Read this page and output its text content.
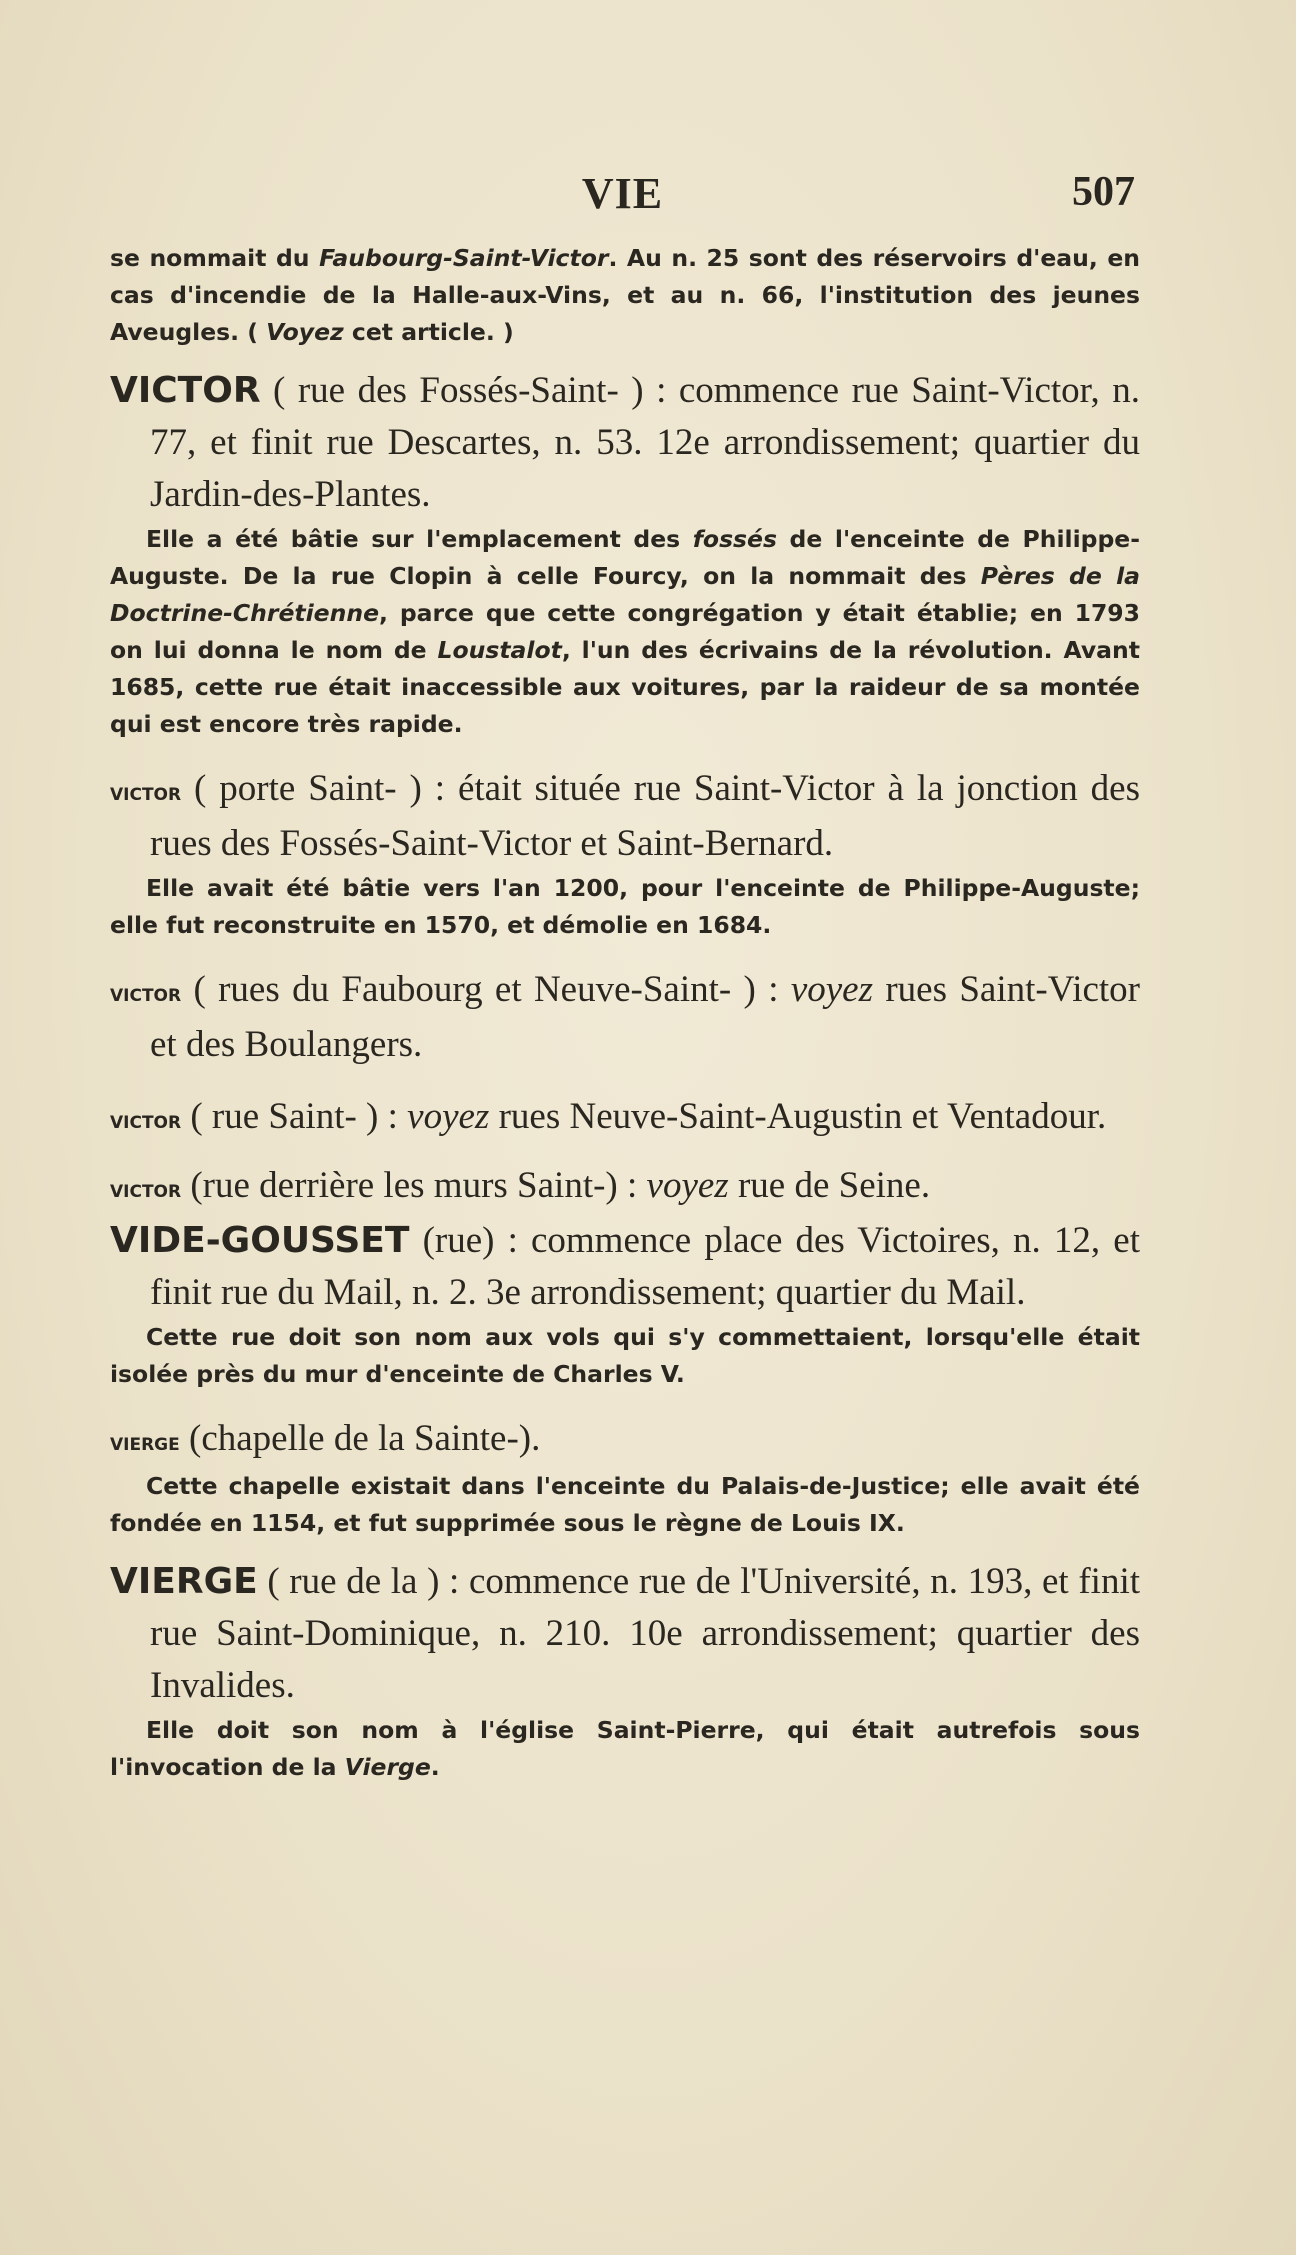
VIE	507

se nommait du Faubourg-Saint-Victor. Au n. 25 sont des réservoirs d'eau, en cas d'incendie de la Halle-aux-Vins, et au n. 66, l'institution des jeunes Aveugles. ( Voyez cet article. )

VICTOR ( rue des Fossés-Saint- ) : commence rue Saint-Victor, n. 77, et finit rue Descartes, n. 53. 12e arrondissement; quartier du Jardin-des-Plantes.

Elle a été bâtie sur l'emplacement des fossés de l'enceinte de Philippe-Auguste. De la rue Clopin à celle Fourcy, on la nommait des Pères de la Doctrine-Chrétienne, parce que cette congrégation y était établie; en 1793 on lui donna le nom de Loustalot, l'un des écrivains de la révolution. Avant 1685, cette rue était inaccessible aux voitures, par la raideur de sa montée qui est encore très rapide.

victor ( porte Saint- ) : était située rue Saint-Victor à la jonction des rues des Fossés-Saint-Victor et Saint-Bernard.

Elle avait été bâtie vers l'an 1200, pour l'enceinte de Philippe-Auguste; elle fut reconstruite en 1570, et démolie en 1684.

victor ( rues du Faubourg et Neuve-Saint- ) : voyez rues Saint-Victor et des Boulangers.

victor ( rue Saint- ) : voyez rues Neuve-Saint-Augustin et Ventadour.

victor (rue derrière les murs Saint-) : voyez rue de Seine.

VIDE-GOUSSET (rue) : commence place des Victoires, n. 12, et finit rue du Mail, n. 2. 3e arrondissement; quartier du Mail.

Cette rue doit son nom aux vols qui s'y commettaient, lorsqu'elle était isolée près du mur d'enceinte de Charles V.

vierge (chapelle de la Sainte-).

Cette chapelle existait dans l'enceinte du Palais-de-Justice; elle avait été fondée en 1154, et fut supprimée sous le règne de Louis IX.

VIERGE ( rue de la ) : commence rue de l'Université, n. 193, et finit rue Saint-Dominique, n. 210. 10e arrondissement; quartier des Invalides.

Elle doit son nom à l'église Saint-Pierre, qui était autrefois sous l'invocation de la Vierge.
